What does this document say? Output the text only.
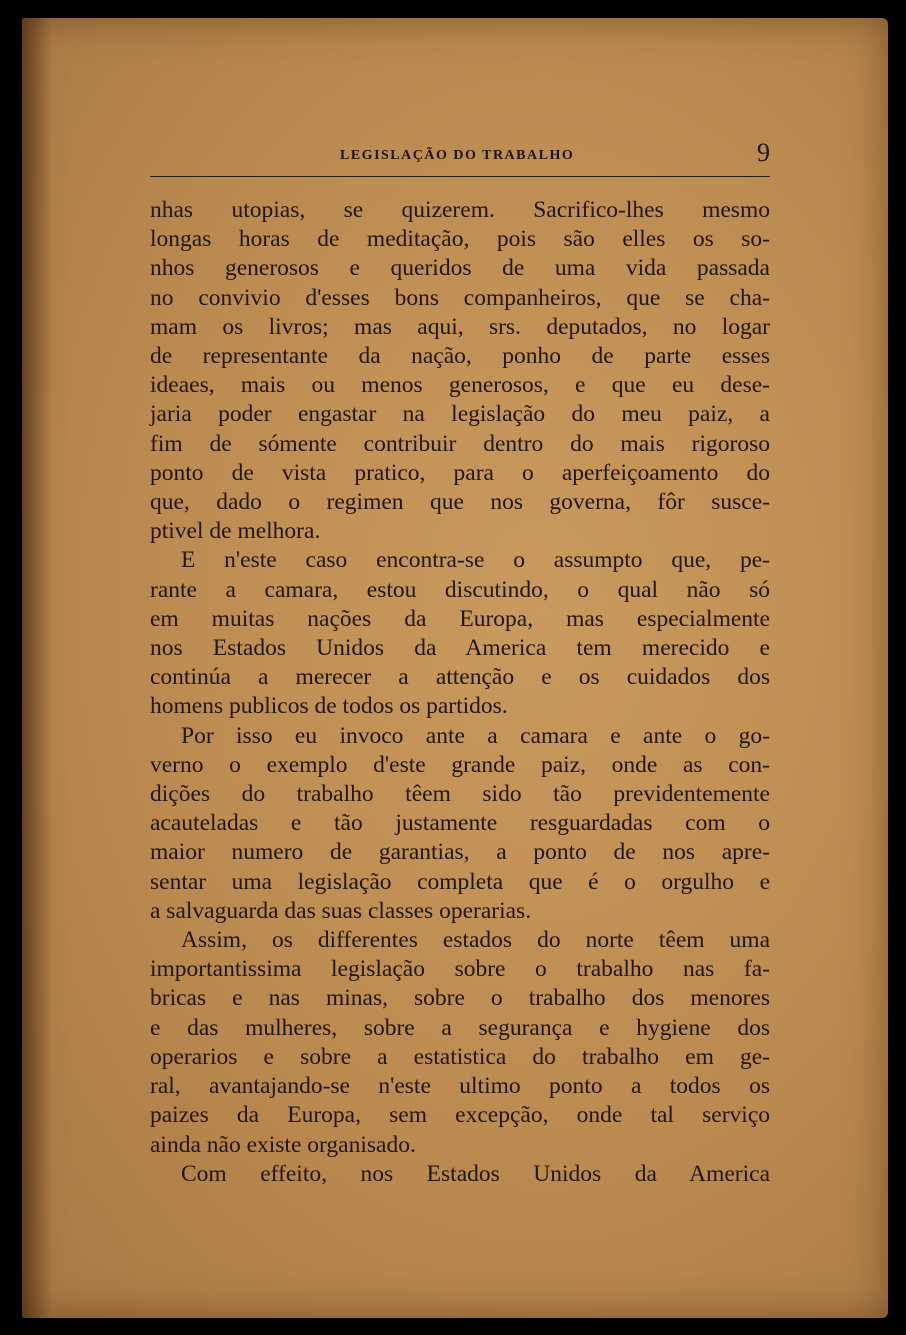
LEGISLAÇÃO DO TRABALHO	9
nhas utopias, se quizerem. Sacrifico-lhes mesmo
longas horas de meditação, pois são elles os so-
nhos generosos e queridos de uma vida passada
no convivio d'esses bons companheiros, que se cha-
mam os livros; mas aqui, srs. deputados, no logar
de representante da nação, ponho de parte esses
ideaes, mais ou menos generosos, e que eu dese-
jaria poder engastar na legislação do meu paiz, a
fim de sómente contribuir dentro do mais rigoroso
ponto de vista pratico, para o aperfeiçoamento do
que, dado o regimen que nos governa, fôr susce-
ptivel de melhora.
E n'este caso encontra-se o assumpto que, pe-
rante a camara, estou discutindo, o qual não só
em muitas nações da Europa, mas especialmente
nos Estados Unidos da America tem merecido e
continúa a merecer a attenção e os cuidados dos
homens publicos de todos os partidos.
Por isso eu invoco ante a camara e ante o go-
verno o exemplo d'este grande paiz, onde as con-
dições do trabalho têem sido tão previdentemente
acauteladas e tão justamente resguardadas com o
maior numero de garantias, a ponto de nos apre-
sentar uma legislação completa que é o orgulho e
a salvaguarda das suas classes operarias.
Assim, os differentes estados do norte têem uma
importantissima legislação sobre o trabalho nas fa-
bricas e nas minas, sobre o trabalho dos menores
e das mulheres, sobre a segurança e hygiene dos
operarios e sobre a estatistica do trabalho em ge-
ral, avantajando-se n'este ultimo ponto a todos os
paizes da Europa, sem excepção, onde tal serviço
ainda não existe organisado.
Com effeito, nos Estados Unidos da America
